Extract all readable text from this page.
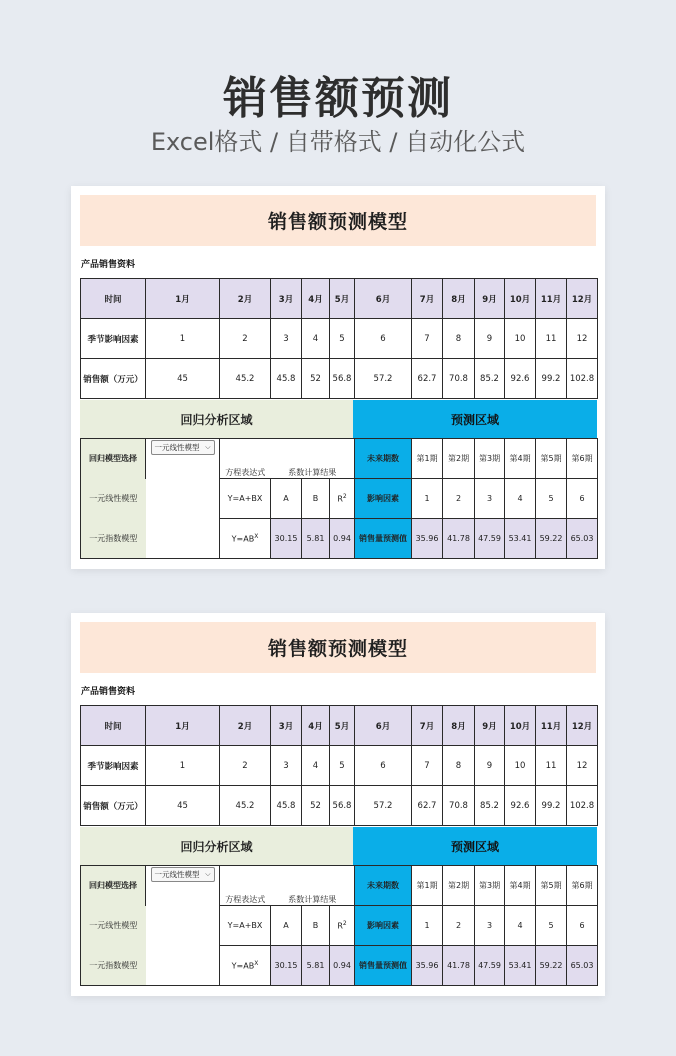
销售额预测
Excel格式 / 自带格式 / 自动化公式
销售额预测模型
产品销售资料
时间	1月	2月	3月	4月	5月	6月	7月	8月	9月	10月	11月	12月
季节影响因素	1	2	3	4	5	6	7	8	9	10	11	12
销售额（万元）	45	45.2	45.8	52	56.8	57.2	62.7	70.8	85.2	92.6	99.2	102.8
回归分析区域	预测区域
回归模型选择	一元线性模型 ⌵	方程表达式	系数计算结果			未来期数	第1期	第2期	第3期	第4期	第5期	第6期
一元线性模型		Y=A+BX	A	B	$R^2$	影响因素	1	2	3	4	5	6
一元指数模型		$Y=AB^X$	30.15	5.81	0.94	销售量预测值	35.96	41.78	47.59	53.41	59.22	65.03
销售额预测模型
产品销售资料
时间	1月	2月	3月	4月	5月	6月	7月	8月	9月	10月	11月	12月
季节影响因素	1	2	3	4	5	6	7	8	9	10	11	12
销售额（万元）	45	45.2	45.8	52	56.8	57.2	62.7	70.8	85.2	92.6	99.2	102.8
回归分析区域	预测区域
回归模型选择	一元线性模型 ⌵	方程表达式	系数计算结果			未来期数	第1期	第2期	第3期	第4期	第5期	第6期
一元线性模型		Y=A+BX	A	B	$R^2$	影响因素	1	2	3	4	5	6
一元指数模型		$Y=AB^X$	30.15	5.81	0.94	销售量预测值	35.96	41.78	47.59	53.41	59.22	65.03
